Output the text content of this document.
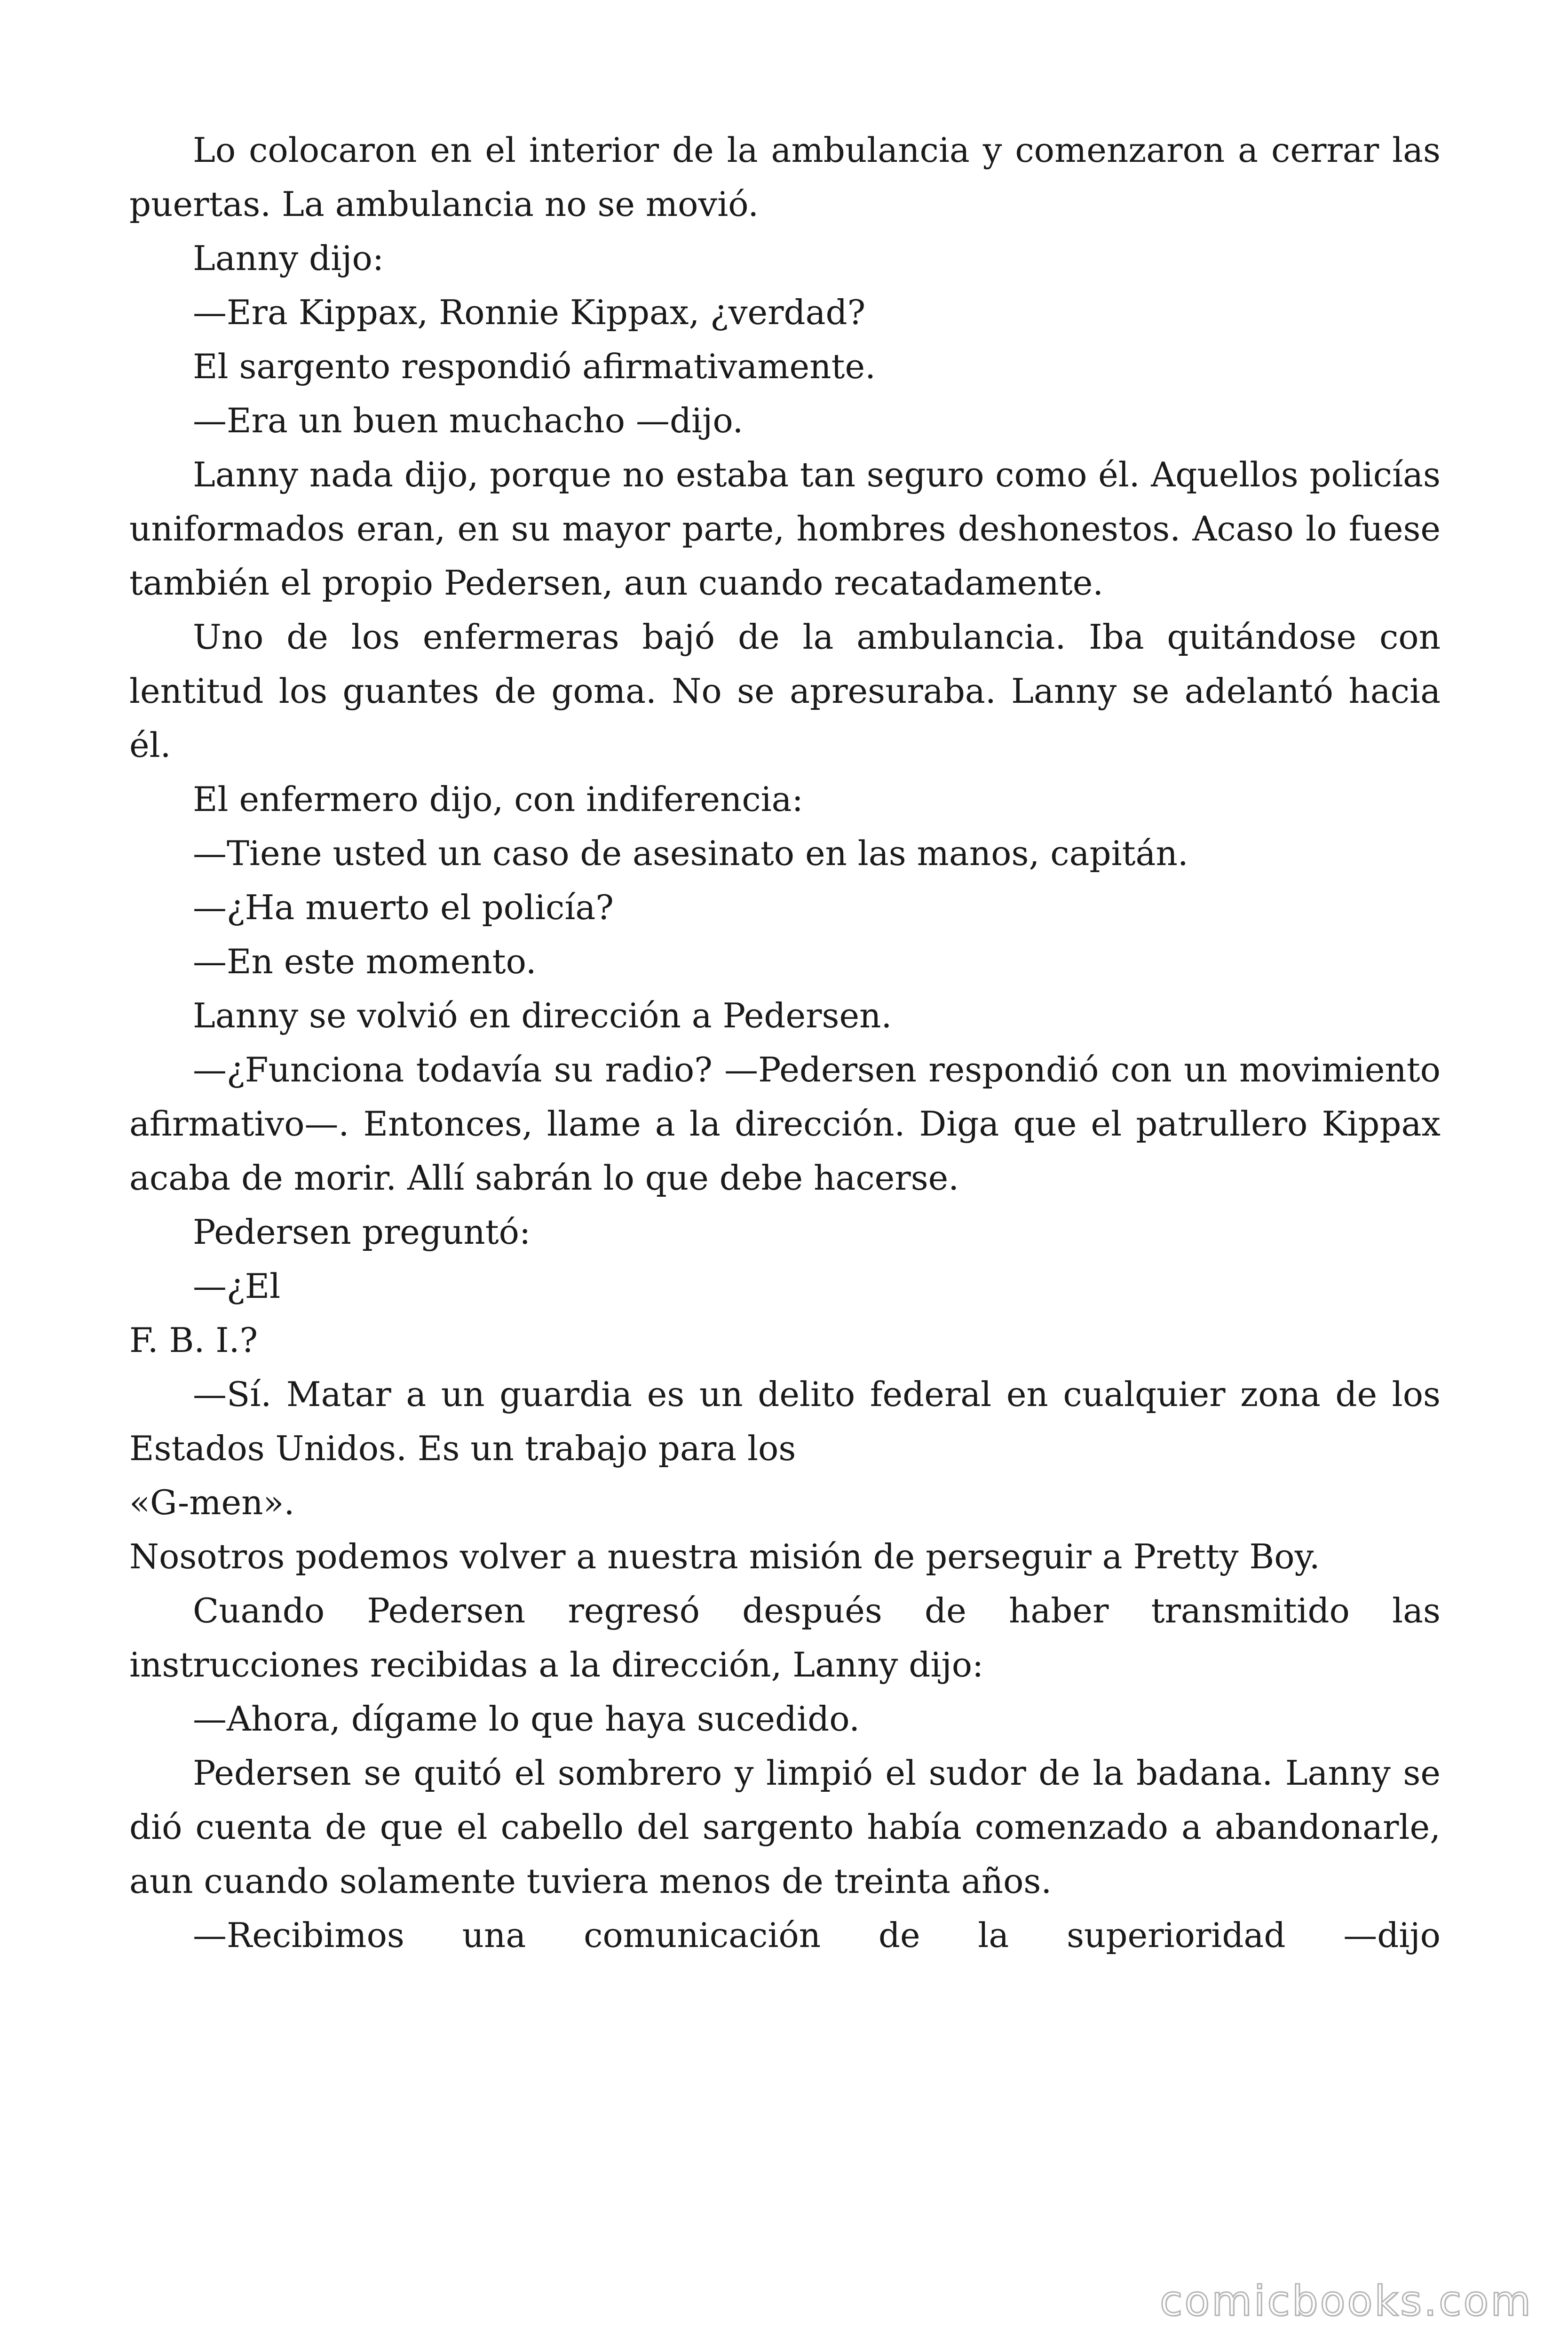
Lo colocaron en el interior de la ambulancia y comenzaron a cerrar las puertas. La ambulancia no se movió.

Lanny dijo:

—Era Kippax, Ronnie Kippax, ¿verdad?

El sargento respondió afirmativamente.

—Era un buen muchacho —dijo.

Lanny nada dijo, porque no estaba tan seguro como él. Aquellos policías uniformados eran, en su mayor parte, hombres deshonestos. Acaso lo fuese también el propio Pedersen, aun cuando recatadamente.

Uno de los enfermeras bajó de la ambulancia. Iba quitándose con lentitud los guantes de goma. No se apresuraba. Lanny se adelantó hacia él.

El enfermero dijo, con indiferencia:

—Tiene usted un caso de asesinato en las manos, capitán.

—¿Ha muerto el policía?

—En este momento.

Lanny se volvió en dirección a Pedersen.

—¿Funciona todavía su radio? —Pedersen respondió con un movimiento afirmativo—. Entonces, llame a la dirección. Diga que el patrullero Kippax acaba de morir. Allí sabrán lo que debe hacerse.

Pedersen preguntó:

—¿El

F. B. I.?

—Sí. Matar a un guardia es un delito federal en cualquier zona de los Estados Unidos. Es un trabajo para los

«G-men».

Nosotros podemos volver a nuestra misión de perseguir a Pretty Boy.

Cuando Pedersen regresó después de haber transmitido las instrucciones recibidas a la dirección, Lanny dijo:

—Ahora, dígame lo que haya sucedido.

Pedersen se quitó el sombrero y limpió el sudor de la badana. Lanny se dió cuenta de que el cabello del sargento había comenzado a abandonarle, aun cuando solamente tuviera menos de treinta años.

—Recibimos una comunicación de la superioridad —dijo

comicbooks.com
